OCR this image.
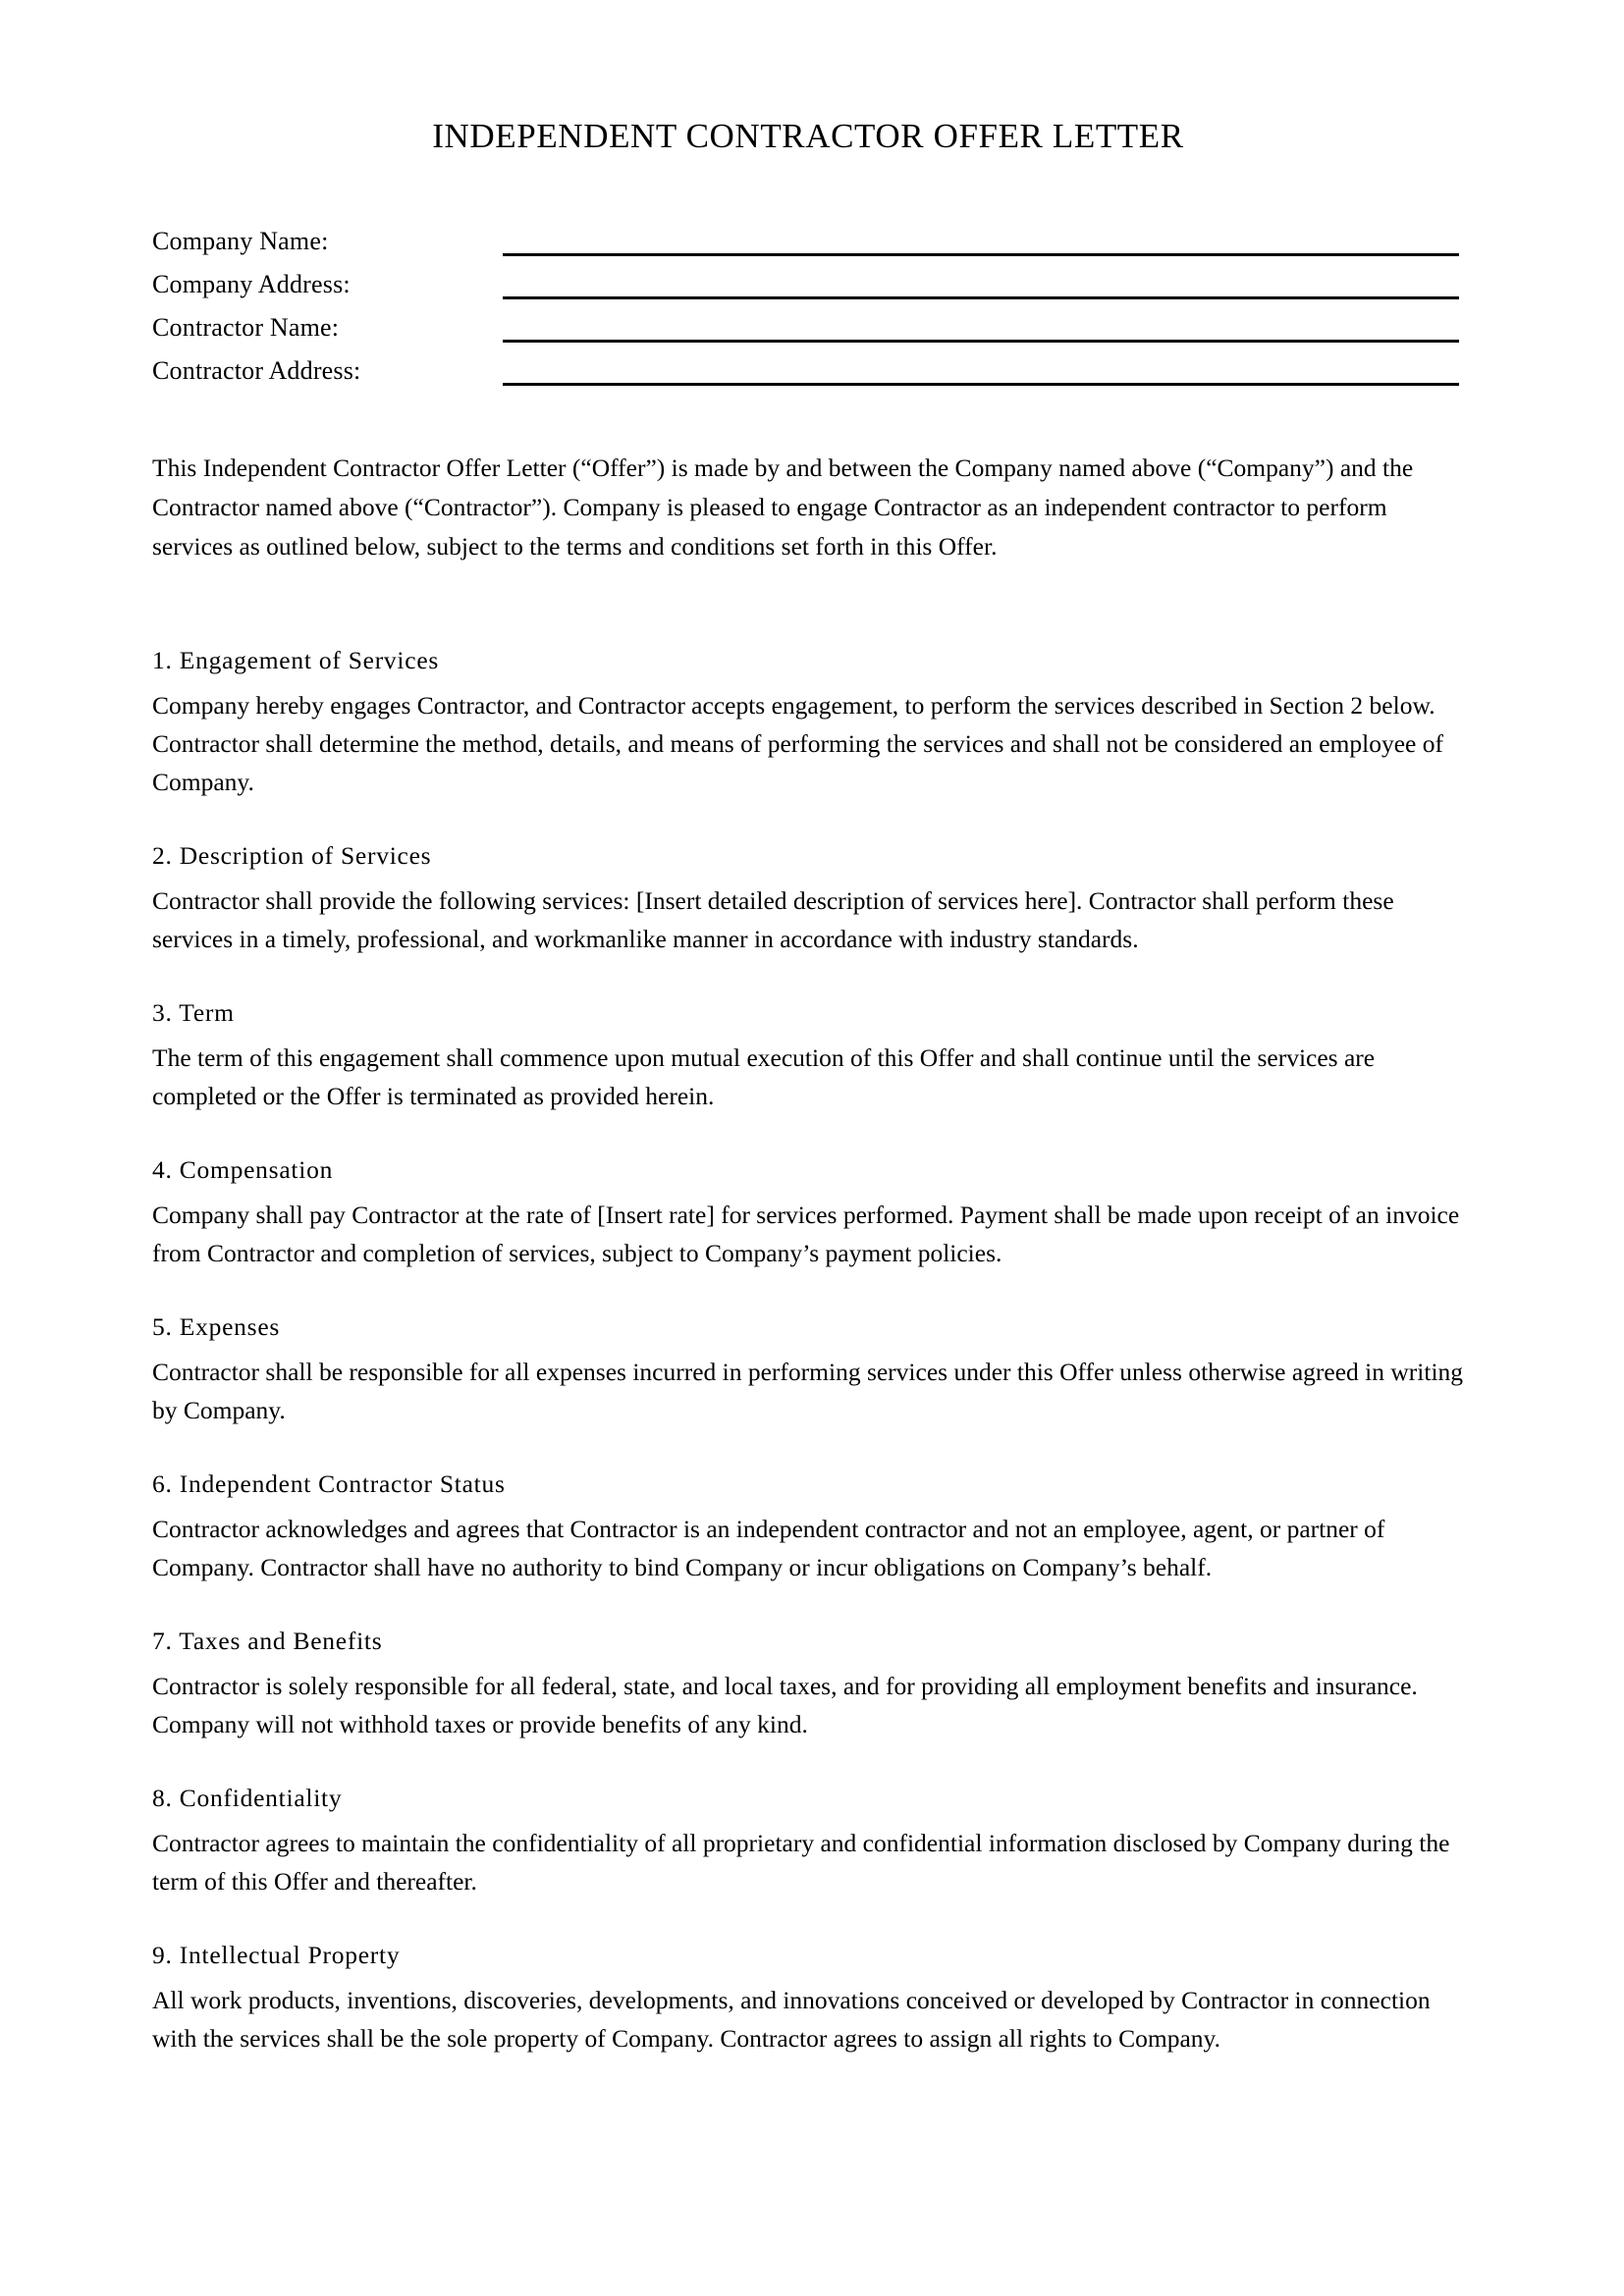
INDEPENDENT CONTRACTOR OFFER LETTER
Company Name:
Company Address:
Contractor Name:
Contractor Address:

This Independent Contractor Offer Letter (“Offer”) is made by and between the Company named above (“Company”) and the Contractor named above (“Contractor”). Company is pleased to engage Contractor as an independent contractor to perform services as outlined below, subject to the terms and conditions set forth in this Offer.

1. Engagement of Services

Company hereby engages Contractor, and Contractor accepts engagement, to perform the services described in Section 2 below. Contractor shall determine the method, details, and means of performing the services and shall not be considered an employee of Company.

2. Description of Services

Contractor shall provide the following services: [Insert detailed description of services here]. Contractor shall perform these services in a timely, professional, and workmanlike manner in accordance with industry standards.

3. Term

The term of this engagement shall commence upon mutual execution of this Offer and shall continue until the services are completed or the Offer is terminated as provided herein.

4. Compensation

Company shall pay Contractor at the rate of [Insert rate] for services performed. Payment shall be made upon receipt of an invoice from Contractor and completion of services, subject to Company’s payment policies.

5. Expenses

Contractor shall be responsible for all expenses incurred in performing services under this Offer unless otherwise agreed in writing by Company.

6. Independent Contractor Status

Contractor acknowledges and agrees that Contractor is an independent contractor and not an employee, agent, or partner of Company. Contractor shall have no authority to bind Company or incur obligations on Company’s behalf.

7. Taxes and Benefits

Contractor is solely responsible for all federal, state, and local taxes, and for providing all employment benefits and insurance. Company will not withhold taxes or provide benefits of any kind.

8. Confidentiality

Contractor agrees to maintain the confidentiality of all proprietary and confidential information disclosed by Company during the term of this Offer and thereafter.

9. Intellectual Property

All work products, inventions, discoveries, developments, and innovations conceived or developed by Contractor in connection with the services shall be the sole property of Company. Contractor agrees to assign all rights to Company.
